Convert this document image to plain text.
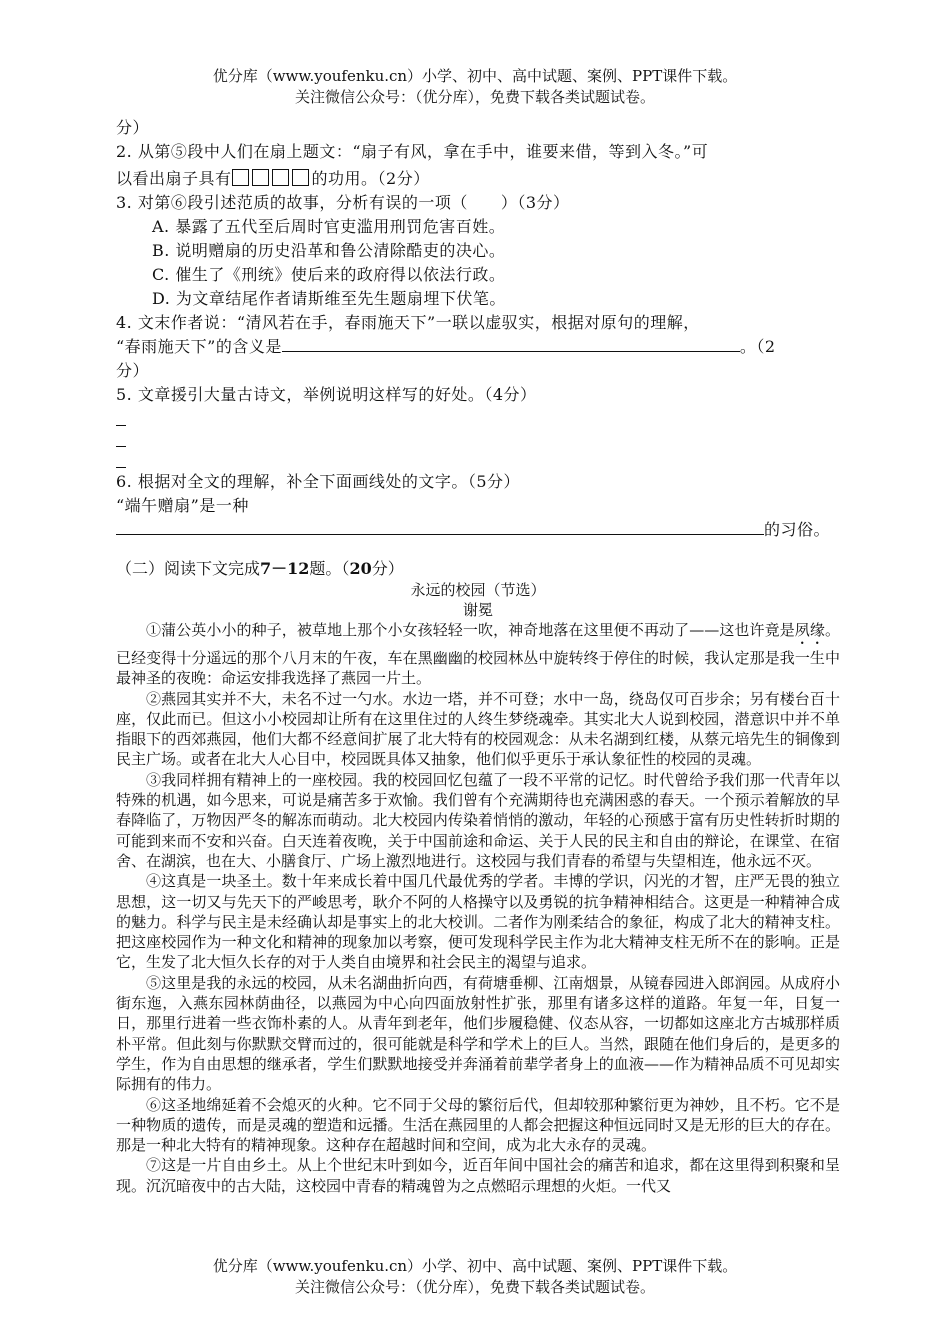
优分库（www.youfenku.cn）小学、初中、高中试题、案例、PPT课件下载。
关注微信公众号：（优分库），免费下载各类试题试卷。

分）

2. 从第⑤段中人们在扇上题文：“扇子有风，拿在手中，谁要来借，等到入冬。”可

以看出扇子具有	的功用。（2分）

3. 对第⑥段引述范质的故事，分析有误的一项（　　）（3分）

A. 暴露了五代至后周时官吏滥用刑罚危害百姓。

B. 说明赠扇的历史沿革和鲁公清除酷吏的决心。

C. 催生了《刑统》使后来的政府得以依法行政。

D. 为文章结尾作者请斯维至先生题扇埋下伏笔。

4. 文末作者说：“清风若在手，春雨施天下”一联以虚驭实，根据对原句的理解，

“春雨施天下”的含义是	。（2

分）

5. 文章援引大量古诗文，举例说明这样写的好处。（4分）

6. 根据对全文的理解，补全下面画线处的文字。（5分）

“端午赠扇”是一种

的习俗。

（二）阅读下文完成7－12题。（20分）
永远的校园（节选）
谢冕

①蒲公英小小的种子，被草地上那个小女孩轻轻一吹，神奇地落在这里便不再动了——这也许竟是夙缘。已经变得十分遥远的那个八月末的午夜，车在黑幽幽的校园林丛中旋转终于停住的时候，我认定那是我一生中最神圣的夜晚：命运安排我选择了燕园一片土。

②燕园其实并不大，未名不过一勺水。水边一塔，并不可登；水中一岛，绕岛仅可百步余；另有楼台百十座，仅此而已。但这小小校园却让所有在这里住过的人终生梦绕魂牵。其实北大人说到校园，潜意识中并不单指眼下的西郊燕园，他们大都不经意间扩展了北大特有的校园观念：从未名湖到红楼，从蔡元培先生的铜像到民主广场。或者在北大人心目中，校园既具体又抽象，他们似乎更乐于承认象征性的校园的灵魂。

③我同样拥有精神上的一座校园。我的校园回忆包蕴了一段不平常的记忆。时代曾给予我们那一代青年以特殊的机遇，如今思来，可说是痛苦多于欢愉。我们曾有个充满期待也充满困惑的春天。一个预示着解放的早春降临了，万物因严冬的解冻而萌动。北大校园内传染着悄悄的激动，年轻的心预感于富有历史性转折时期的可能到来而不安和兴奋。白天连着夜晚，关于中国前途和命运、关于人民的民主和自由的辩论，在课堂、在宿舍、在湖滨，也在大、小膳食厅、广场上激烈地进行。这校园与我们青春的希望与失望相连，他永远不灭。

④这真是一块圣土。数十年来成长着中国几代最优秀的学者。丰博的学识，闪光的才智，庄严无畏的独立思想，这一切又与先天下的严峻思考，耿介不阿的人格操守以及勇锐的抗争精神相结合。这更是一种精神合成的魅力。科学与民主是未经确认却是事实上的北大校训。二者作为刚柔结合的象征，构成了北大的精神支柱。把这座校园作为一种文化和精神的现象加以考察，便可发现科学民主作为北大精神支柱无所不在的影响。正是它，生发了北大恒久长存的对于人类自由境界和社会民主的渴望与追求。

⑤这里是我的永远的校园，从未名湖曲折向西，有荷塘垂柳、江南烟景，从镜春园进入郎润园。从成府小街东迤，入燕东园林荫曲径，以燕园为中心向四面放射性扩张，那里有诸多这样的道路。年复一年，日复一日，那里行进着一些衣饰朴素的人。从青年到老年，他们步履稳健、仪态从容，一切都如这座北方古城那样质朴平常。但此刻与你默默交臂而过的，很可能就是科学和学术上的巨人。当然，跟随在他们身后的，是更多的学生，作为自由思想的继承者，学生们默默地接受并奔涌着前辈学者身上的血液——作为精神品质不可见却实际拥有的伟力。

⑥这圣地绵延着不会熄灭的火种。它不同于父母的繁衍后代，但却较那种繁衍更为神妙，且不朽。它不是一种物质的遗传，而是灵魂的塑造和远播。生活在燕园里的人都会把握这种恒远同时又是无形的巨大的存在。那是一种北大特有的精神现象。这种存在超越时间和空间，成为北大永存的灵魂。

⑦这是一片自由乡土。从上个世纪末叶到如今，近百年间中国社会的痛苦和追求，都在这里得到积聚和呈现。沉沉暗夜中的古大陆，这校园中青春的精魂曾为之点燃昭示理想的火炬。一代又

优分库（www.youfenku.cn）小学、初中、高中试题、案例、PPT课件下载。
关注微信公众号：（优分库），免费下载各类试题试卷。
